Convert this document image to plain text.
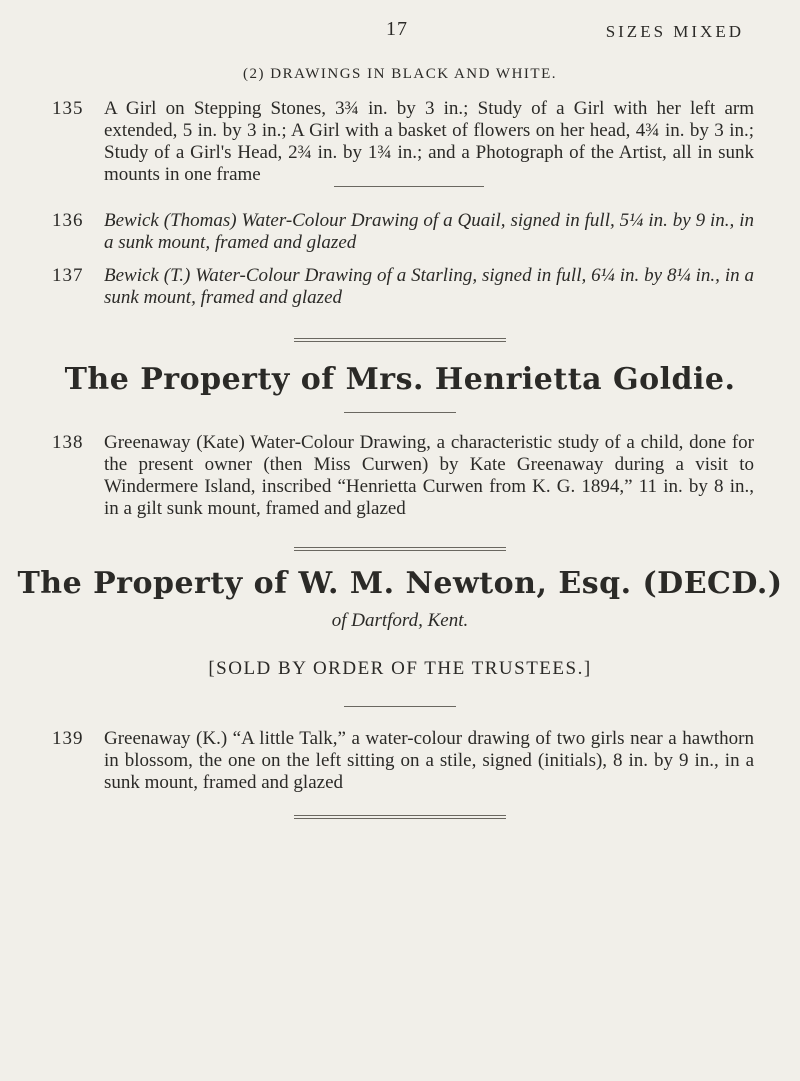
17	SIZES MIXED
(2) DRAWINGS IN BLACK AND WHITE.
135 A Girl on Stepping Stones, 3¾ in. by 3 in.; Study of a Girl with her left arm extended, 5 in. by 3 in.; A Girl with a basket of flowers on her head, 4¾ in. by 3 in.; Study of a Girl's Head, 2¾ in. by 1¾ in.; and a Photograph of the Artist, all in sunk mounts in one frame
136 Bewick (Thomas) Water-Colour Drawing of a Quail, signed in full, 5¼ in. by 9 in., in a sunk mount, framed and glazed
137 Bewick (T.) Water-Colour Drawing of a Starling, signed in full, 6¼ in. by 8¼ in., in a sunk mount, framed and glazed
The Property of Mrs. Henrietta Goldie.
138 Greenaway (Kate) Water-Colour Drawing, a characteristic study of a child, done for the present owner (then Miss Curwen) by Kate Greenaway during a visit to Windermere Island, inscribed “Henrietta Curwen from K. G. 1894,” 11 in. by 8 in., in a gilt sunk mount, framed and glazed
The Property of W. M. Newton, Esq. (DECD.)
of Dartford, Kent.
[SOLD BY ORDER OF THE TRUSTEES.]
139 Greenaway (K.) “A little Talk,” a water-colour drawing of two girls near a hawthorn in blossom, the one on the left sitting on a stile, signed (initials), 8 in. by 9 in., in a sunk mount, framed and glazed
